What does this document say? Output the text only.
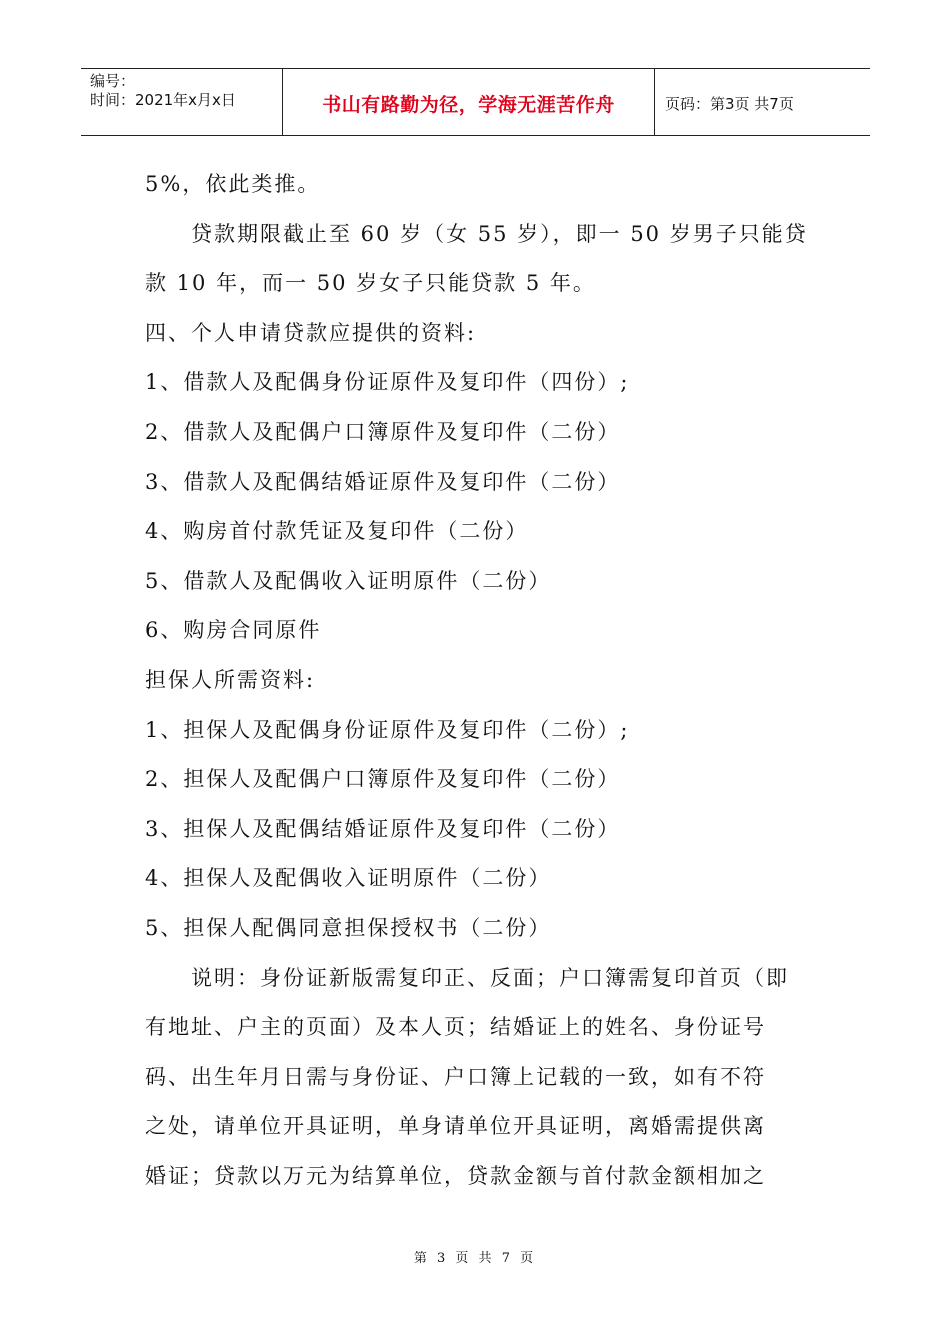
编号：
时间：2021年x月x日	书山有路勤为径，学海无涯苦作舟	页码：第3页 共7页
5%，依此类推。
贷款期限截止至 60 岁（女 55 岁），即一 50 岁男子只能贷
款 10 年，而一 50 岁女子只能贷款 5 年。
四、个人申请贷款应提供的资料:
1、借款人及配偶身份证原件及复印件（四份）;
2、借款人及配偶户口簿原件及复印件（二份）
3、借款人及配偶结婚证原件及复印件（二份）
4、购房首付款凭证及复印件（二份）
5、借款人及配偶收入证明原件（二份）
6、购房合同原件
担保人所需资料:
1、担保人及配偶身份证原件及复印件（二份）;
2、担保人及配偶户口簿原件及复印件（二份）
3、担保人及配偶结婚证原件及复印件（二份）
4、担保人及配偶收入证明原件（二份）
5、担保人配偶同意担保授权书（二份）
说明：身份证新版需复印正、反面；户口簿需复印首页（即
有地址、户主的页面）及本人页；结婚证上的姓名、身份证号
码、出生年月日需与身份证、户口簿上记载的一致，如有不符
之处，请单位开具证明，单身请单位开具证明，离婚需提供离
婚证；贷款以万元为结算单位，贷款金额与首付款金额相加之
第 3 页 共 7 页
